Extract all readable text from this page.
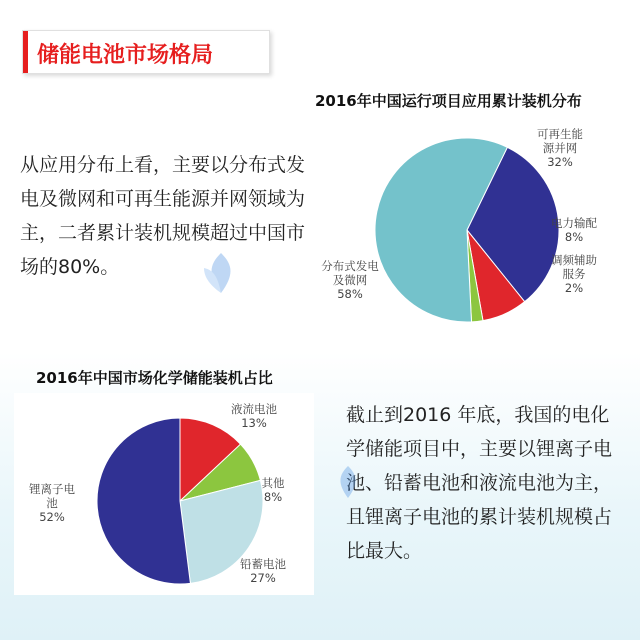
储能电池市场格局
2016年中国运行项目应用累计装机分布
从应用分布上看，主要以分布式发电及微网和可再生能源并网领域为主，二者累计装机规模超过中国市场的80%。
可再生能源并网 32%
电力输配 8%
调频辅助服务 2%
分布式发电及微网 58%
2016年中国市场化学储能装机占比
液流电池 13%
其他 8%
铅蓄电池 27%
锂离子电池 52%
截止到2016 年底，我国的电化学储能项目中，主要以锂离子电池、铅蓄电池和液流电池为主，且锂离子电池的累计装机规模占比最大。
